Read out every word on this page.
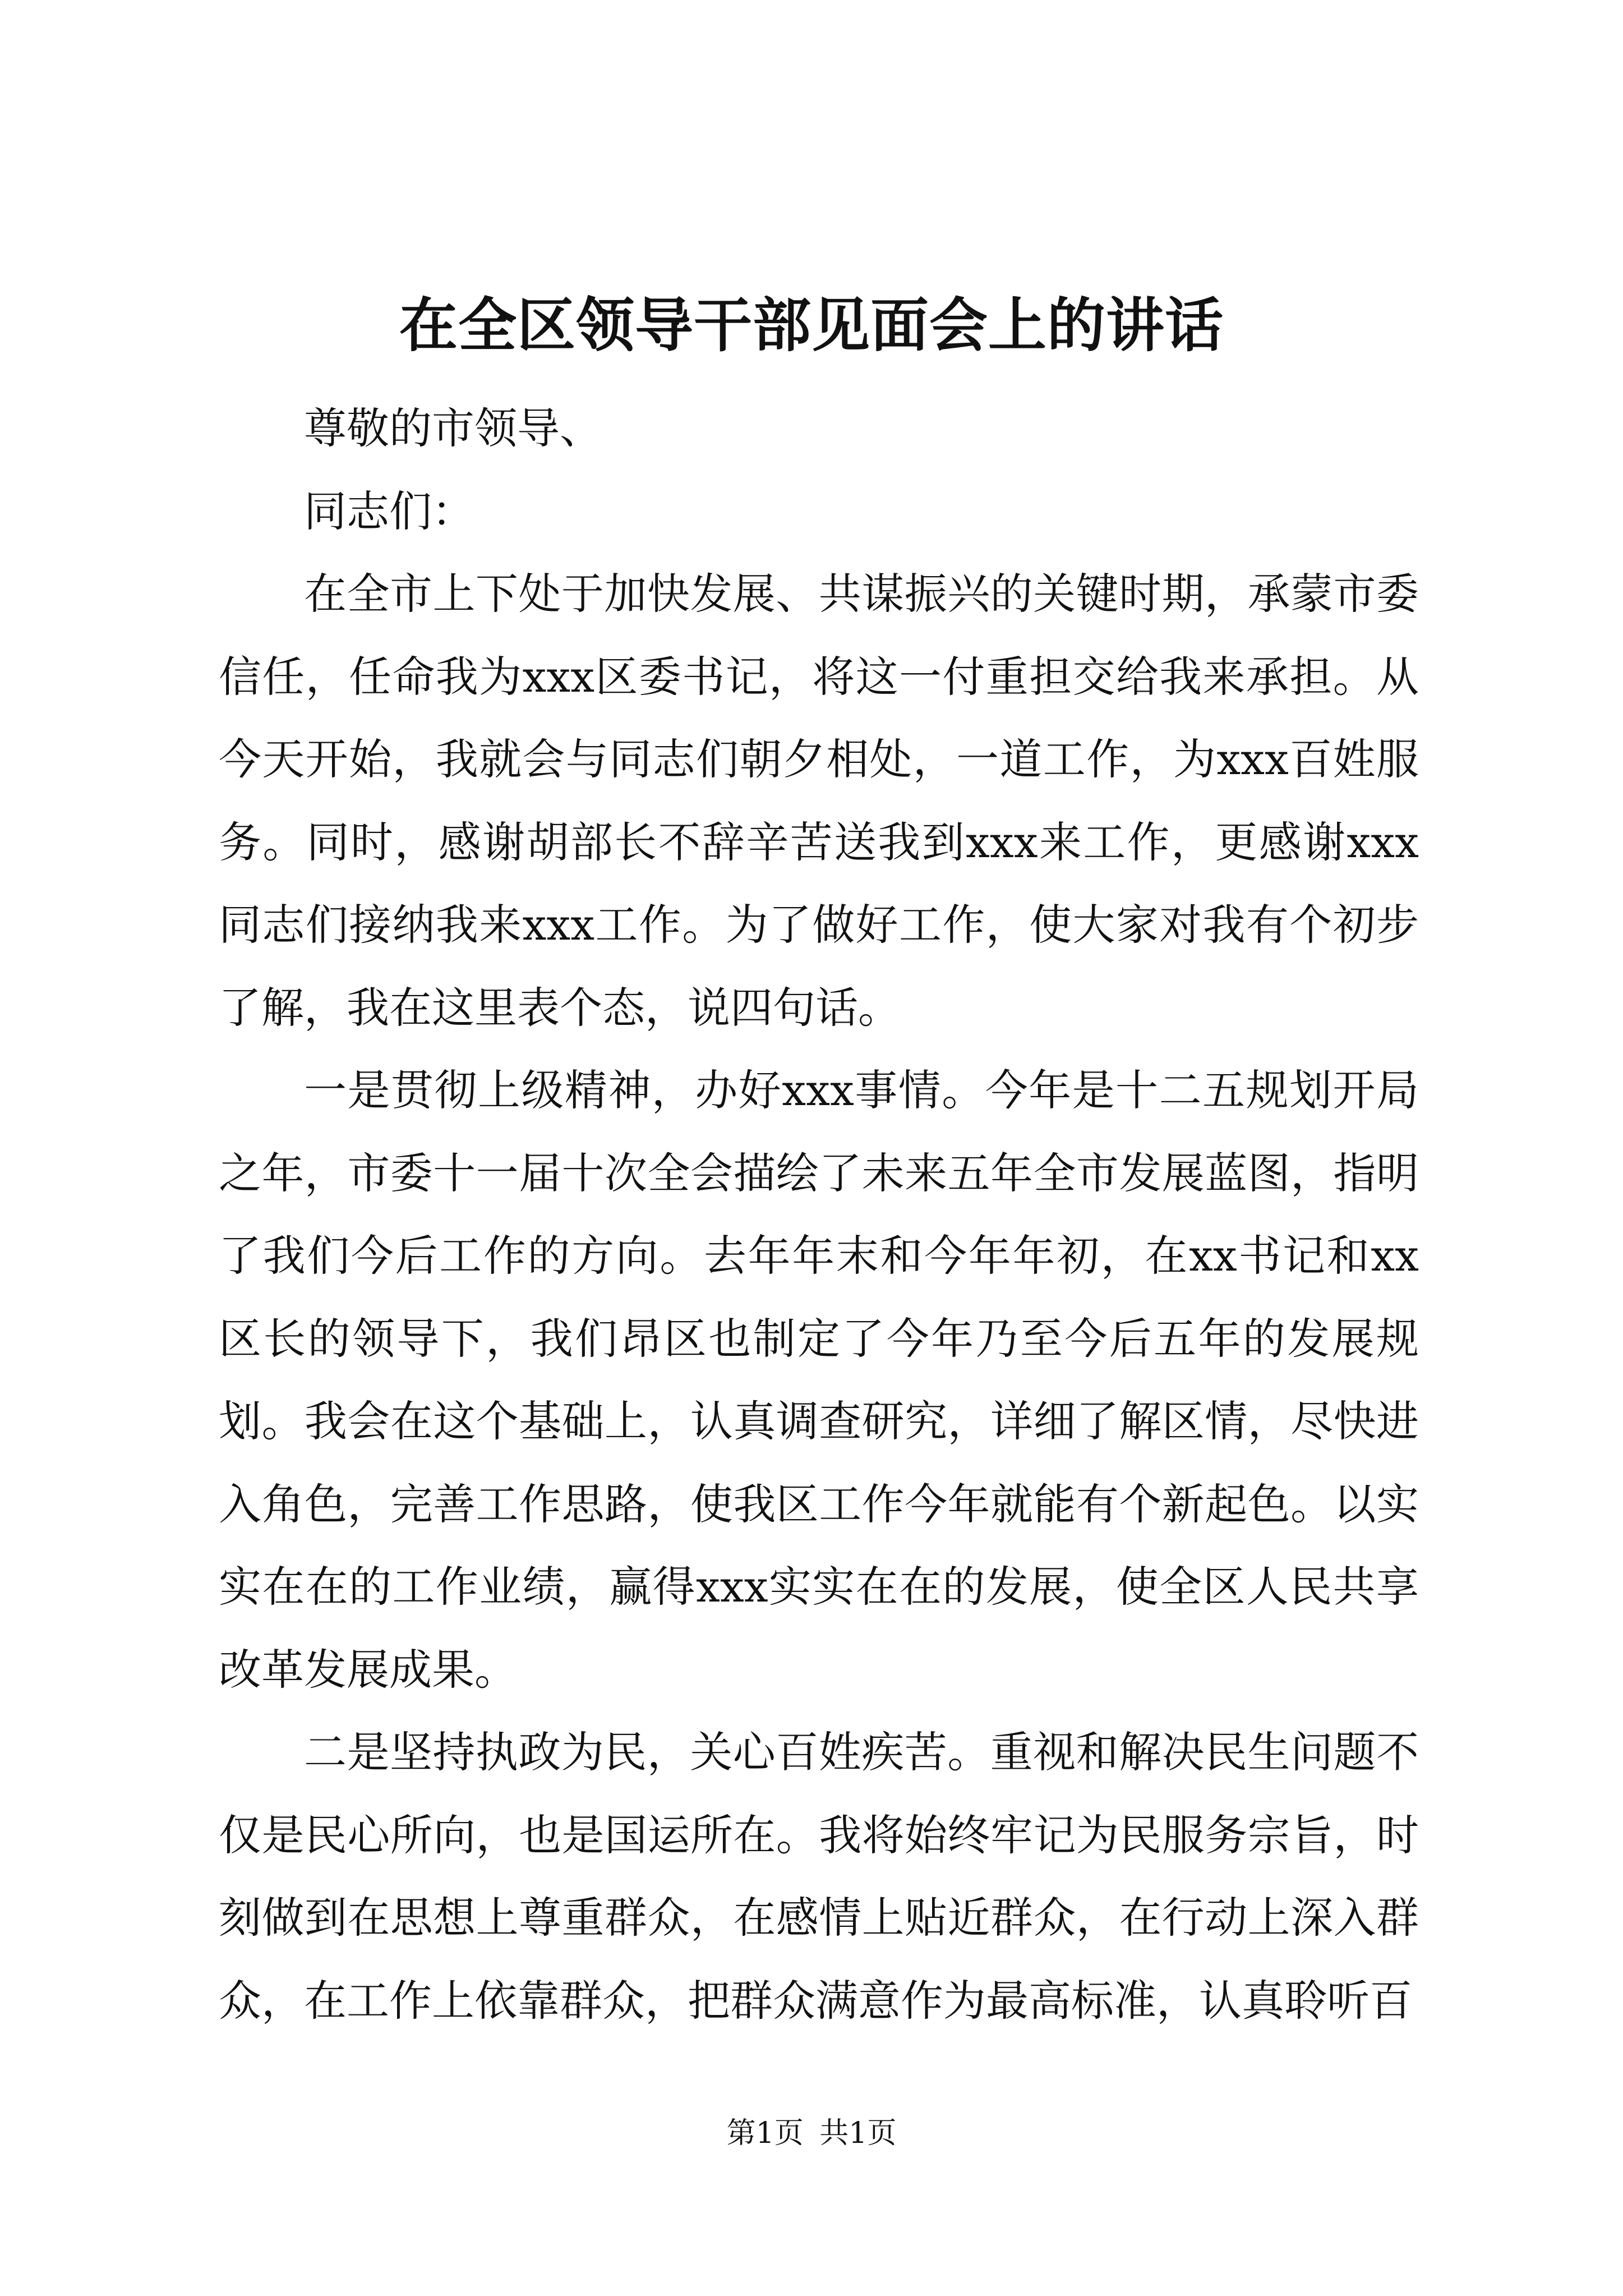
在全区领导干部见面会上的讲话

尊敬的市领导、

同志们：

在全市上下处于加快发展、共谋振兴的关键时期，承蒙市委信任，任命我为xxx区委书记，将这一付重担交给我来承担。从今天开始，我就会与同志们朝夕相处，一道工作，为xxx百姓服务。同时，感谢胡部长不辞辛苦送我到xxx来工作，更感谢xxx同志们接纳我来xxx工作。为了做好工作，使大家对我有个初步了解，我在这里表个态，说四句话。

一是贯彻上级精神，办好xxx事情。今年是十二五规划开局之年，市委十一届十次全会描绘了未来五年全市发展蓝图，指明了我们今后工作的方向。去年年末和今年年初，在xx书记和xx区长的领导下，我们昂区也制定了今年乃至今后五年的发展规划。我会在这个基础上，认真调查研究，详细了解区情，尽快进入角色，完善工作思路，使我区工作今年就能有个新起色。以实实在在的工作业绩，赢得xxx实实在在的发展，使全区人民共享改革发展成果。

二是坚持执政为民，关心百姓疾苦。重视和解决民生问题不仅是民心所向，也是国运所在。我将始终牢记为民服务宗旨，时刻做到在思想上尊重群众，在感情上贴近群众，在行动上深入群众，在工作上依靠群众，把群众满意作为最高标准，认真聆听百

第1页 共1页
